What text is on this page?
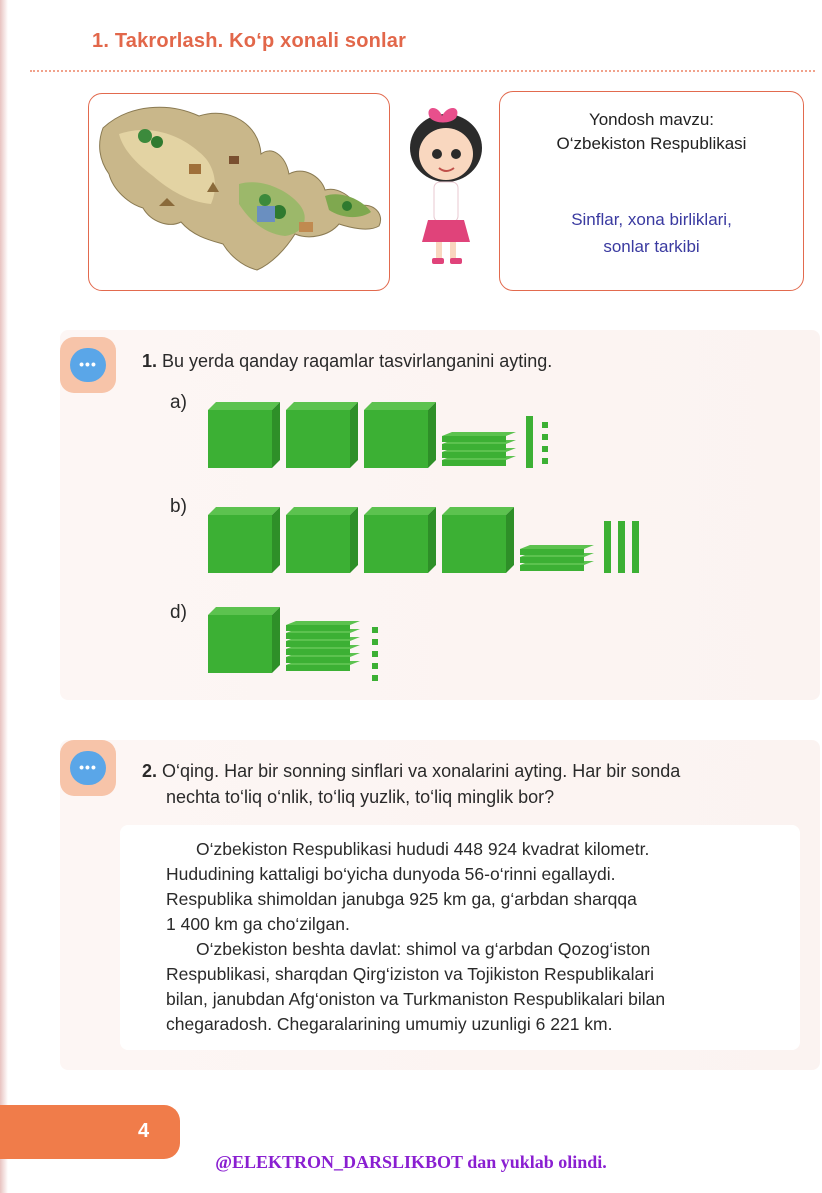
1. Takrorlash. Ko‘p xonali sonlar
Yondosh mavzu:
O‘zbekiston Respublikasi
Sinflar, xona birliklari,
sonlar tarkibi
•••	1. Bu yerda qanday raqamlar tasvirlanganini ayting.
a)
b)
d)
•••	2. O‘qing. Har bir sonning sinflari va xonalarini ayting. Har bir sonda
nechta to‘liq o‘nlik, to‘liq yuzlik, to‘liq minglik bor?

O‘zbekiston Respublikasi hududi 448 924 kvadrat kilometr.

Hududining kattaligi bo‘yicha dunyoda 56-o‘rinni egallaydi.

Respublika shimoldan janubga 925 km ga, g‘arbdan sharqqa

1 400 km ga cho‘zilgan.

O‘zbekiston beshta davlat: shimol va g‘arbdan Qozog‘iston

Respublikasi, sharqdan Qirg‘iziston va Tojikiston Respublikalari

bilan, janubdan Afg‘oniston va Turkmaniston Respublikalari bilan

chegaradosh. Chegaralarining umumiy uzunligi 6 221 km.

4
@ELEKTRON_DARSLIKBOT dan yuklab olindi.
